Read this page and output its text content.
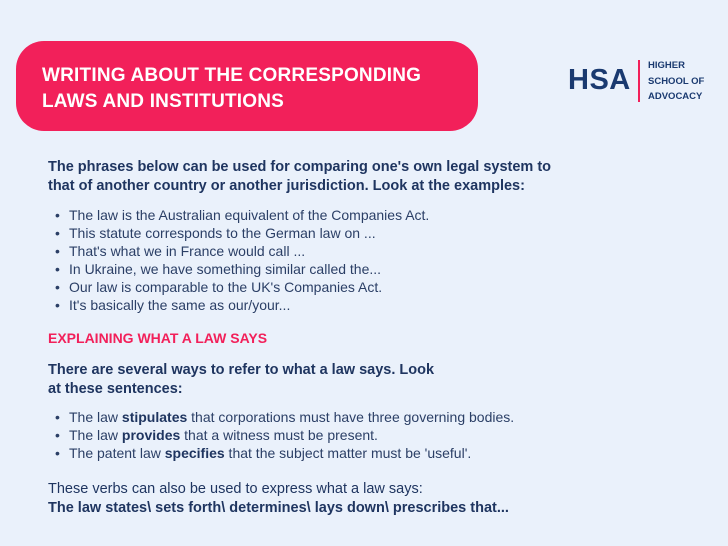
WRITING ABOUT THE CORRESPONDING
LAWS AND INSTITUTIONS
HSA HIGHER
SCHOOL OF
ADVOCACY
The phrases below can be used for comparing one's own legal system to
that of another country or another jurisdiction. Look at the examples:
• The law is the Australian equivalent of the Companies Act.
• This statute corresponds to the German law on ...
• That's what we in France would call ...
• In Ukraine, we have something similar called the...
• Our law is comparable to the UK's Companies Act.
• It's basically the same as our/your...
EXPLAINING WHAT A LAW SAYS
There are several ways to refer to what a law says. Look
at these sentences:
• The law stipulates that corporations must have three governing bodies.
• The law provides that a witness must be present.
• The patent law specifies that the subject matter must be 'useful'.
These verbs can also be used to express what a law says:
The law states\ sets forth\ determines\ lays down\ prescribes that...
